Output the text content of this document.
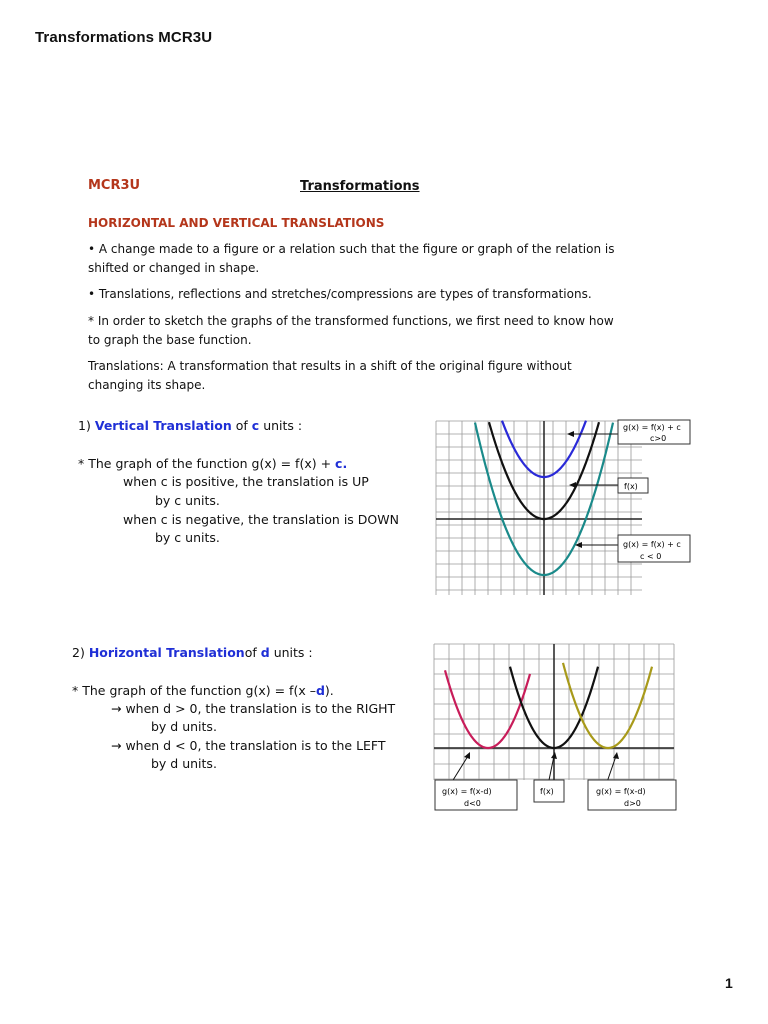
Transformations MCR3U
1
MCR3U	Transformations
HORIZONTAL AND VERTICAL TRANSLATIONS
• A change made to a figure or a relation such that the figure or graph of the relation is shifted or changed in shape.
• Translations, reflections and stretches/compressions are types of transformations.
* In order to sketch the graphs of the transformed functions, we first need to know how to graph the base function.
Translations: A transformation that results in a shift of the original figure without changing its shape.
1) Vertical Translation of c units :
* The graph of the function g(x) = f(x) + c.
when c is positive, the translation is UP
by c units.
when c is negative, the translation is DOWN
by c units.
2) Horizontal Translationof d units :
* The graph of the function g(x) = f(x –d).
→ when d > 0, the translation is to the RIGHT
by d units.
→ when d < 0, the translation is to the LEFT
by d units.
g(x) = f(x) + c
c>0
f(x)
g(x) = f(x) + c
c < 0
g(x) = f(x-d)
d<0
f(x)	g(x) = f(x-d)
d>0
